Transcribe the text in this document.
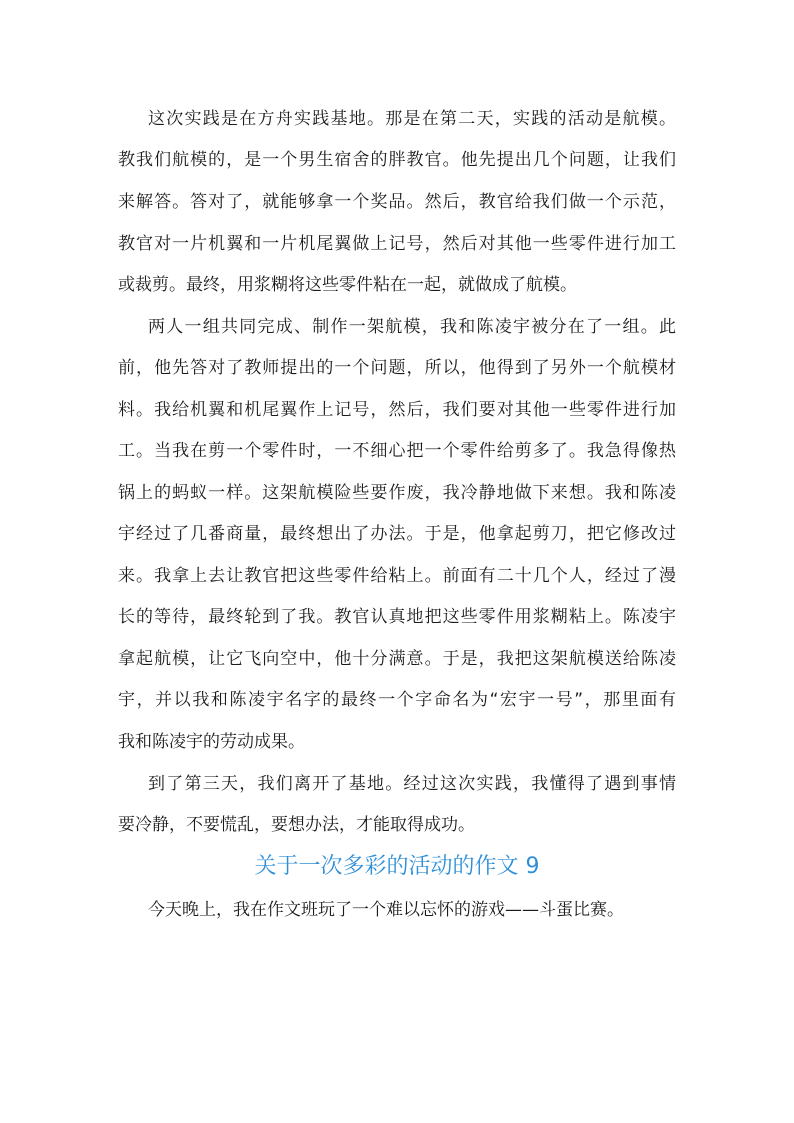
这次实践是在方舟实践基地。那是在第二天，实践的活动是航模。
教我们航模的，是一个男生宿舍的胖教官。他先提出几个问题，让我们
来解答。答对了，就能够拿一个奖品。然后，教官给我们做一个示范，
教官对一片机翼和一片机尾翼做上记号，然后对其他一些零件进行加工
或裁剪。最终，用浆糊将这些零件粘在一起，就做成了航模。
两人一组共同完成、制作一架航模，我和陈凌宇被分在了一组。此
前，他先答对了教师提出的一个问题，所以，他得到了另外一个航模材
料。我给机翼和机尾翼作上记号，然后，我们要对其他一些零件进行加
工。当我在剪一个零件时，一不细心把一个零件给剪多了。我急得像热
锅上的蚂蚁一样。这架航模险些要作废，我冷静地做下来想。我和陈凌
宇经过了几番商量，最终想出了办法。于是，他拿起剪刀，把它修改过
来。我拿上去让教官把这些零件给粘上。前面有二十几个人，经过了漫
长的等待，最终轮到了我。教官认真地把这些零件用浆糊粘上。陈凌宇
拿起航模，让它飞向空中，他十分满意。于是，我把这架航模送给陈凌
宇，并以我和陈凌宇名字的最终一个字命名为“宏宇一号”，那里面有
我和陈凌宇的劳动成果。
到了第三天，我们离开了基地。经过这次实践，我懂得了遇到事情
要冷静，不要慌乱，要想办法，才能取得成功。
关于一次多彩的活动的作文 9
今天晚上，我在作文班玩了一个难以忘怀的游戏——斗蛋比赛。
